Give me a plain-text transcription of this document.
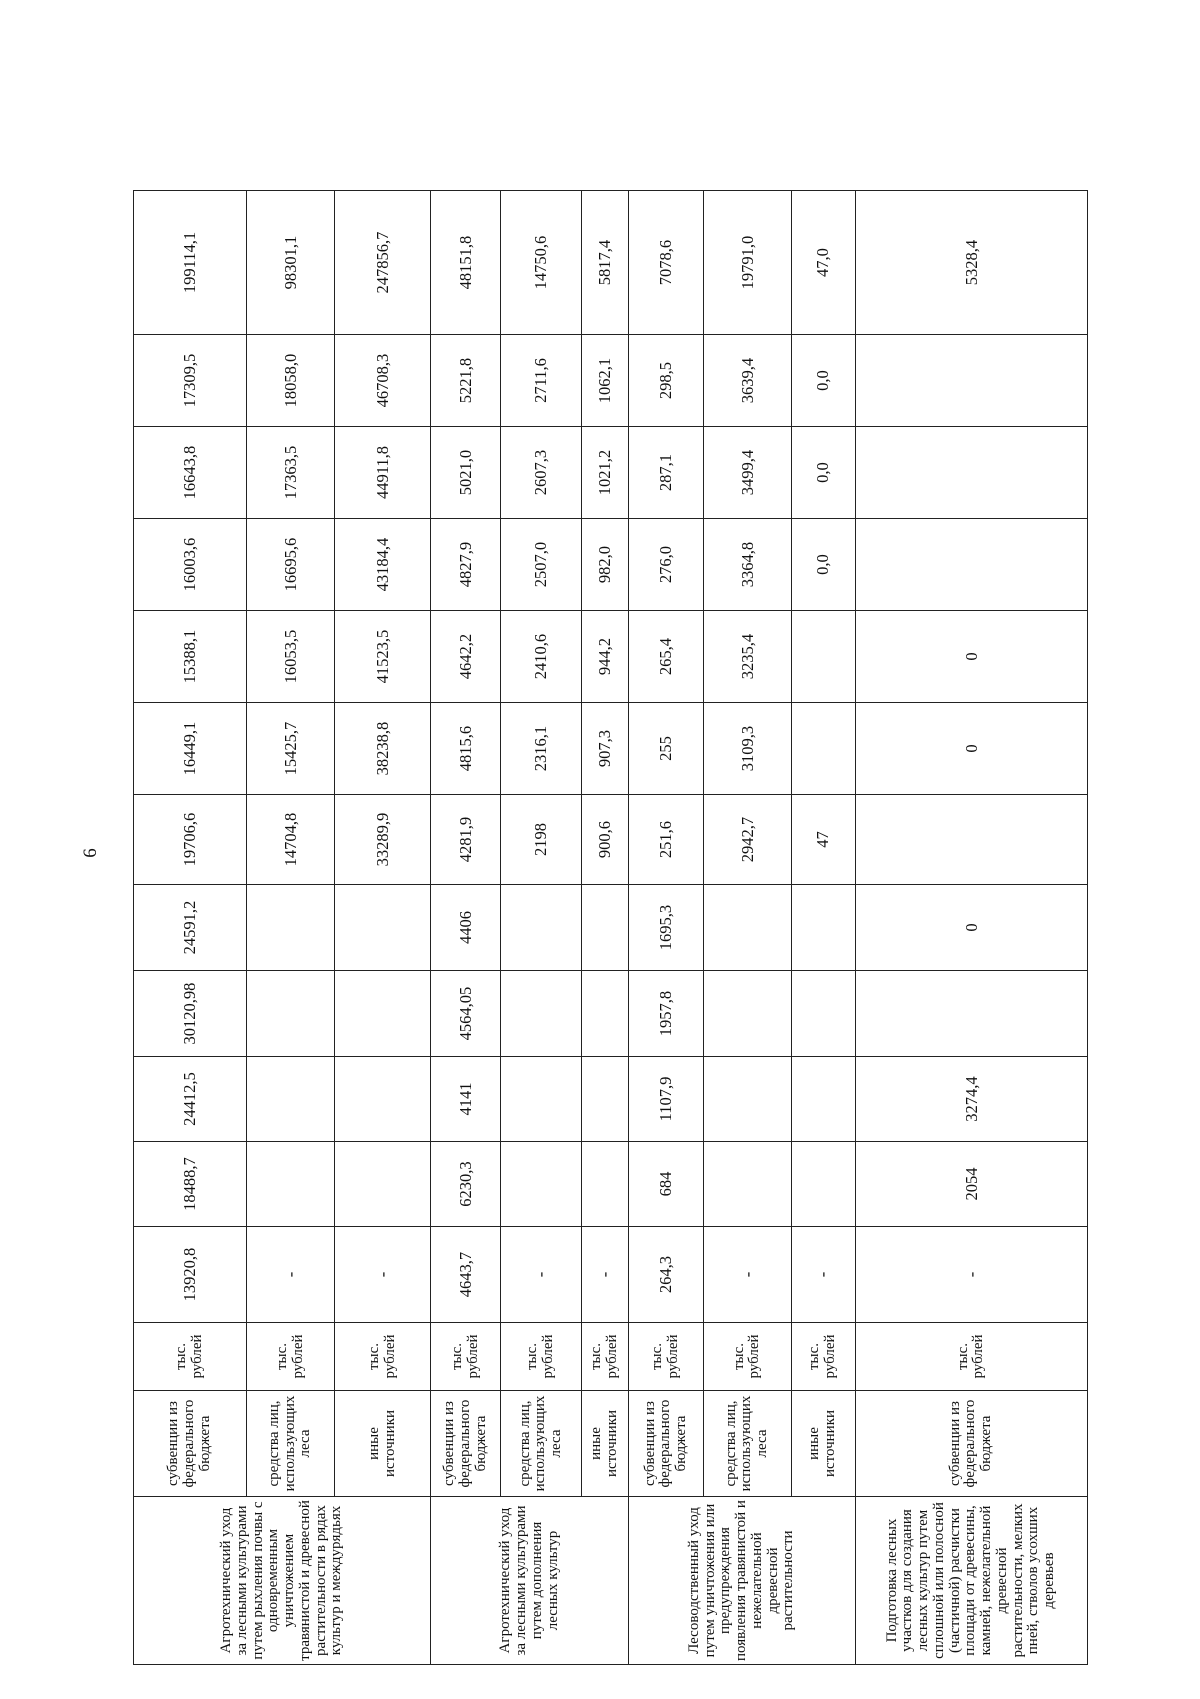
6
Агротехнический уход за лесными культурами путем рыхления почвы с одновременным уничтожением травянистой и древесной растительности в рядах культур и междурядьях	субвенции из федерального бюджета	тыс. рублей	13920,8	18488,7	24412,5	30120,98	24591,2	19706,6	16449,1	15388,1	16003,6	16643,8	17309,5	199114,1
	средства лиц, использующих леса	тыс. рублей	-					14704,8	15425,7	16053,5	16695,6	17363,5	18058,0	98301,1
	иные источники	тыс. рублей	-					33289,9	38238,8	41523,5	43184,4	44911,8	46708,3	247856,7
Агротехнический уход за лесными культурами путем дополнения лесных культур	субвенции из федерального бюджета	тыс. рублей	4643,7	6230,3	4141	4564,05	4406	4281,9	4815,6	4642,2	4827,9	5021,0	5221,8	48151,8
	средства лиц, использующих леса	тыс. рублей	-					2198	2316,1	2410,6	2507,0	2607,3	2711,6	14750,6
	иные источники	тыс. рублей	-					900,6	907,3	944,2	982,0	1021,2	1062,1	5817,4
Лесоводственный уход путем уничтожения или предупреждения появления травянистой и нежелательной древесной растительности	субвенции из федерального бюджета	тыс. рублей	264,3	684	1107,9	1957,8	1695,3	251,6	255	265,4	276,0	287,1	298,5	7078,6
	средства лиц, использующих леса	тыс. рублей	-					2942,7	3109,3	3235,4	3364,8	3499,4	3639,4	19791,0
	иные источники	тыс. рублей	-					47			0,0	0,0	0,0	47,0
Подготовка лесных участков для создания лесных культур путем сплошной или полосной (частичной) расчистки площади от древесины, камней, нежелательной древесной растительности, мелких пней, стволов усохших деревьев	субвенции из федерального бюджета	тыс. рублей	-	2054	3274,4		0		0	0				5328,4
